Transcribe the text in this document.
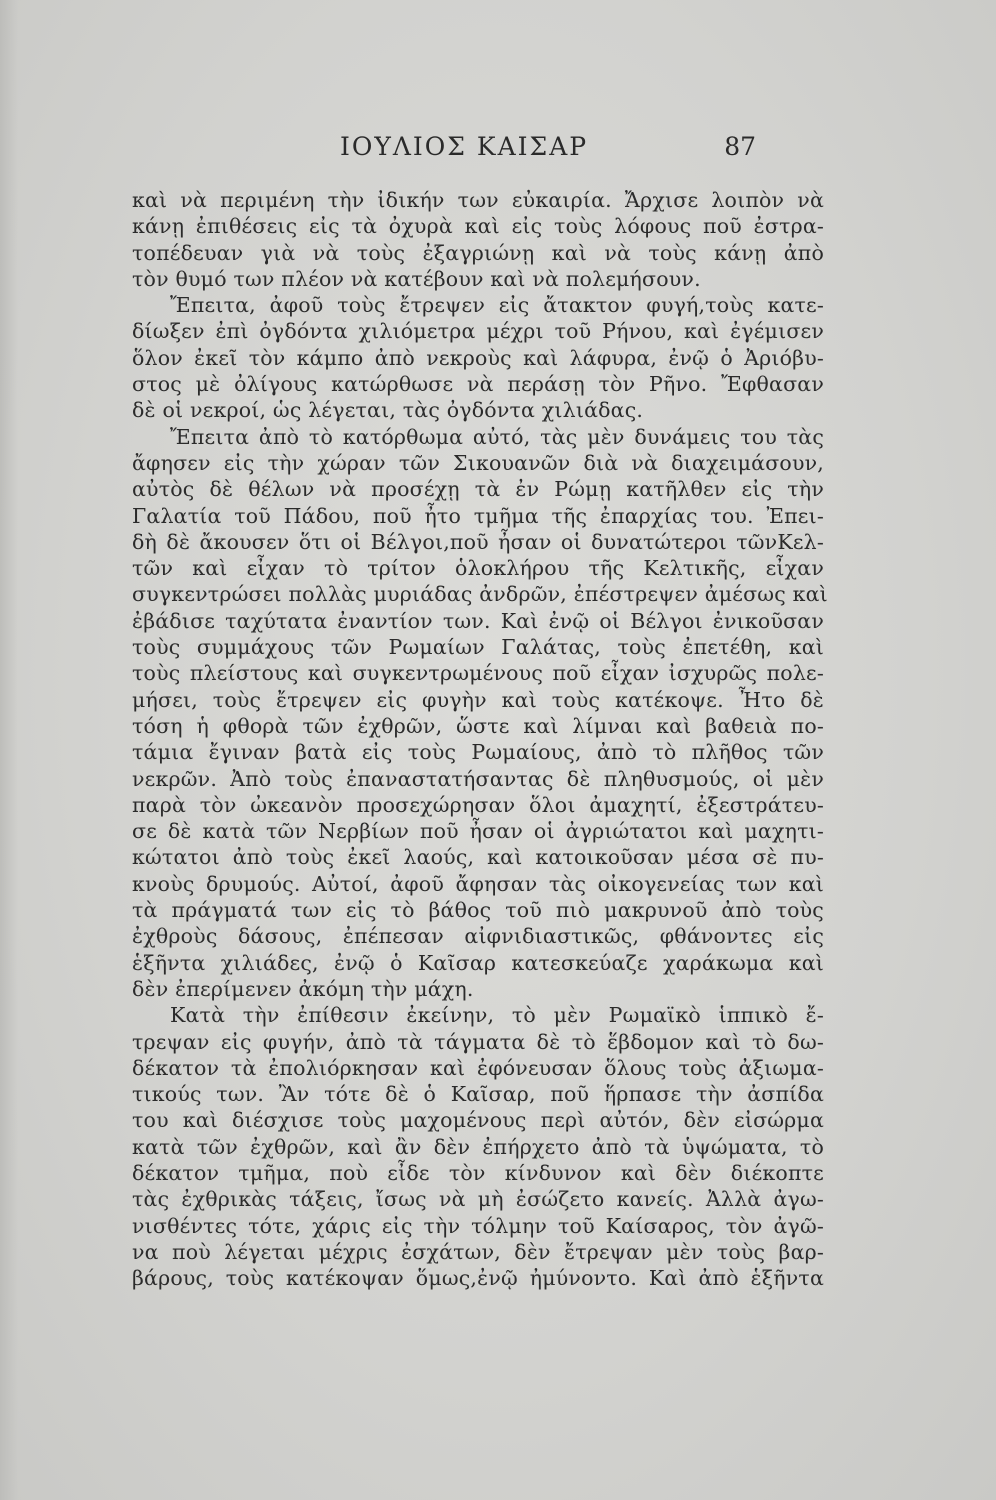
ΙΟΥΛΙΟΣ ΚΑΙΣΑΡ	87
καὶ νὰ περιμένη τὴν ἰδικήν των εὐκαιρία. Ἄρχισε λοιπὸν νὰ
κάνῃ ἐπιθέσεις εἰς τὰ ὀχυρὰ καὶ εἰς τοὺς λόφους ποῦ ἐστρα-
τοπέδευαν γιὰ νὰ τοὺς ἐξαγριώνῃ καὶ νὰ τοὺς κάνῃ ἀπὸ
τὸν θυμό των πλέον νὰ κατέβουν καὶ νὰ πολεμήσουν.
Ἔπειτα, ἀφοῦ τοὺς ἔτρεψεν εἰς ἄτακτον φυγή,τοὺς κατε-
δίωξεν ἐπὶ ὀγδόντα χιλιόμετρα μέχρι τοῦ Ρήνου, καὶ ἐγέμισεν
ὅλον ἐκεῖ τὸν κάμπο ἀπὸ νεκροὺς καὶ λάφυρα, ἐνῷ ὁ Ἀριόβυ-
στος μὲ ὀλίγους κατώρθωσε νὰ περάσῃ τὸν Ρῆνο. Ἔφθασαν
δὲ οἱ νεκροί, ὡς λέγεται, τὰς ὀγδόντα χιλιάδας.
Ἔπειτα ἀπὸ τὸ κατόρθωμα αὐτό, τὰς μὲν δυνάμεις του τὰς
ἄφησεν εἰς τὴν χώραν τῶν Σικουανῶν διὰ νὰ διαχειμάσουν,
αὐτὸς δὲ θέλων νὰ προσέχῃ τὰ ἐν Ρώμῃ κατῆλθεν εἰς τὴν
Γαλατία τοῦ Πάδου, ποῦ ἦτο τμῆμα τῆς ἐπαρχίας του. Ἐπει-
δὴ δὲ ἄκουσεν ὅτι οἱ Βέλγοι,ποῦ ἦσαν οἱ δυνατώτεροι τῶνΚελ-
τῶν καὶ εἶχαν τὸ τρίτον ὁλοκλήρου τῆς Κελτικῆς, εἶχαν
συγκεντρώσει πολλὰς μυριάδας ἀνδρῶν, ἐπέστρεψεν ἀμέσως καὶ
ἐβάδισε ταχύτατα ἐναντίον των. Καὶ ἐνῷ οἱ Βέλγοι ἐνικοῦσαν
τοὺς συμμάχους τῶν Ρωμαίων Γαλάτας, τοὺς ἐπετέθη, καὶ
τοὺς πλείστους καὶ συγκεντρωμένους ποῦ εἶχαν ἰσχυρῶς πολε-
μήσει, τοὺς ἔτρεψεν εἰς φυγὴν καὶ τοὺς κατέκοψε. Ἦτο δὲ
τόση ἡ φθορὰ τῶν ἐχθρῶν, ὥστε καὶ λίμναι καὶ βαθειὰ πο-
τάμια ἔγιναν βατὰ εἰς τοὺς Ρωμαίους, ἀπὸ τὸ πλῆθος τῶν
νεκρῶν. Ἀπὸ τοὺς ἐπαναστατήσαντας δὲ πληθυσμούς, οἱ μὲν
παρὰ τὸν ὠκεανὸν προσεχώρησαν ὅλοι ἀμαχητί, ἐξεστράτευ-
σε δὲ κατὰ τῶν Νερβίων ποῦ ἦσαν οἱ ἀγριώτατοι καὶ μαχητι-
κώτατοι ἀπὸ τοὺς ἐκεῖ λαούς, καὶ κατοικοῦσαν μέσα σὲ πυ-
κνοὺς δρυμούς. Αὐτοί, ἀφοῦ ἄφησαν τὰς οἰκογενείας των καὶ
τὰ πράγματά των εἰς τὸ βάθος τοῦ πιὸ μακρυνοῦ ἀπὸ τοὺς
ἐχθροὺς δάσους, ἐπέπεσαν αἰφνιδιαστικῶς, φθάνοντες εἰς
ἑξῆντα χιλιάδες, ἐνῷ ὁ Καῖσαρ κατεσκεύαζε χαράκωμα καὶ
δὲν ἐπερίμενεν ἀκόμη τὴν μάχη.
Κατὰ τὴν ἐπίθεσιν ἐκείνην, τὸ μὲν Ρωμαϊκὸ ἱππικὸ ἔ-
τρεψαν εἰς φυγήν, ἀπὸ τὰ τάγματα δὲ τὸ ἕβδομον καὶ τὸ δω-
δέκατον τὰ ἐπολιόρκησαν καὶ ἐφόνευσαν ὅλους τοὺς ἀξιωμα-
τικούς των. Ἂν τότε δὲ ὁ Καῖσαρ, ποῦ ἥρπασε τὴν ἀσπίδα
του καὶ διέσχισε τοὺς μαχομένους περὶ αὐτόν, δὲν εἰσώρμα
κατὰ τῶν ἐχθρῶν, καὶ ἂν δὲν ἐπήρχετο ἀπὸ τὰ ὑψώματα, τὸ
δέκατον τμῆμα, ποὺ εἶδε τὸν κίνδυνον καὶ δὲν διέκοπτε
τὰς ἐχθρικὰς τάξεις, ἴσως νὰ μὴ ἐσώζετο κανείς. Ἀλλὰ ἀγω-
νισθέντες τότε, χάρις εἰς τὴν τόλμην τοῦ Καίσαρος, τὸν ἀγῶ-
να ποὺ λέγεται μέχρις ἐσχάτων, δὲν ἔτρεψαν μὲν τοὺς βαρ-
βάρους, τοὺς κατέκοψαν ὅμως,ἐνῷ ἠμύνοντο. Καὶ ἀπὸ ἑξῆντα
